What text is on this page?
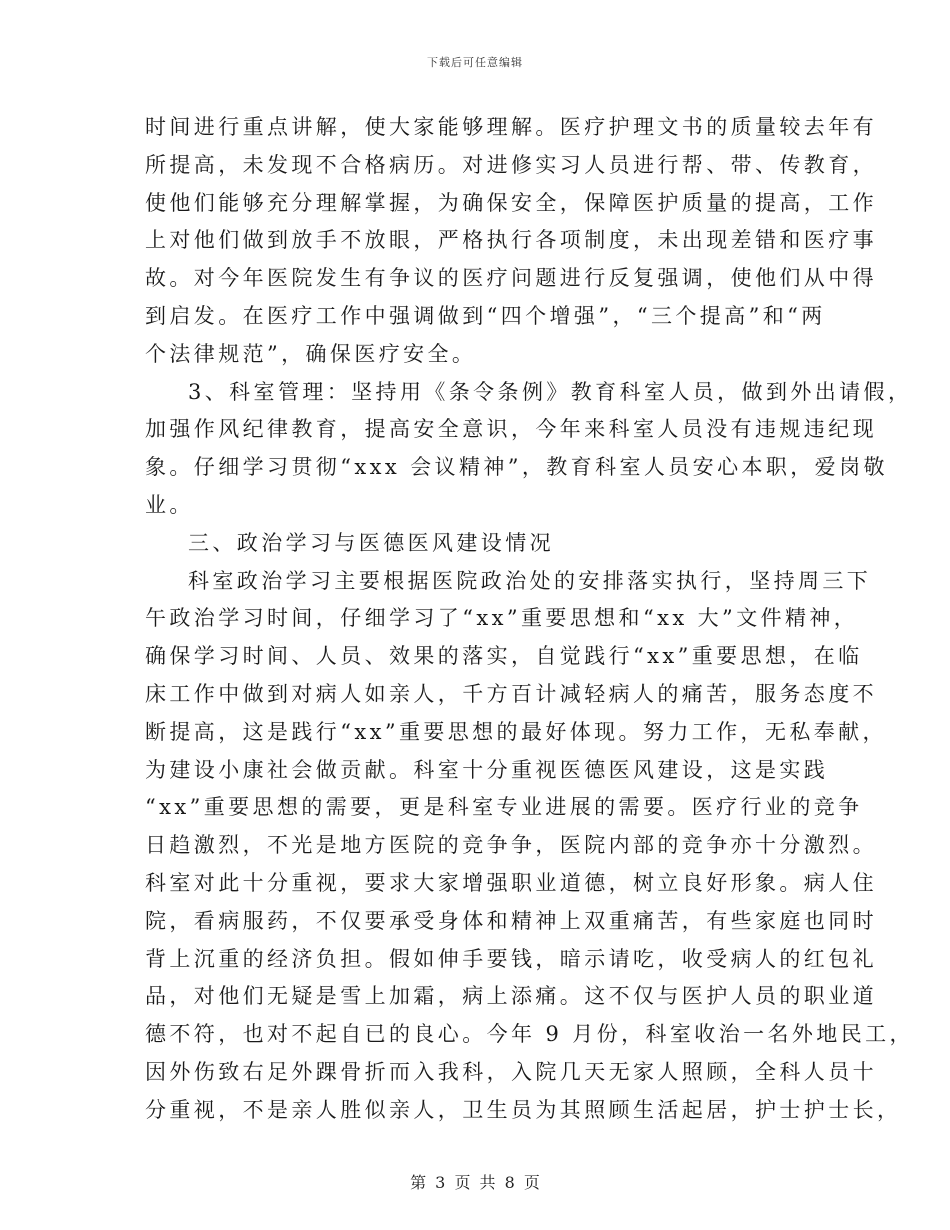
下载后可任意编辑
时间进行重点讲解，使大家能够理解。医疗护理文书的质量较去年有
所提高，未发现不合格病历。对进修实习人员进行帮、带、传教育，
使他们能够充分理解掌握，为确保安全，保障医护质量的提高，工作
上对他们做到放手不放眼，严格执行各项制度，未出现差错和医疗事
故。对今年医院发生有争议的医疗问题进行反复强调，使他们从中得
到启发。在医疗工作中强调做到“四个增强”，“三个提高”和“两
个法律规范”，确保医疗安全。
3、科室管理：坚持用《条令条例》教育科室人员，做到外出请假，
加强作风纪律教育，提高安全意识，今年来科室人员没有违规违纪现
象。仔细学习贯彻“xxx 会议精神”，教育科室人员安心本职，爱岗敬
业。
三、政治学习与医德医风建设情况
科室政治学习主要根据医院政治处的安排落实执行，坚持周三下
午政治学习时间，仔细学习了“xx”重要思想和“xx 大”文件精神，
确保学习时间、人员、效果的落实，自觉践行“xx”重要思想，在临
床工作中做到对病人如亲人，千方百计减轻病人的痛苦，服务态度不
断提高，这是践行“xx”重要思想的最好体现。努力工作，无私奉献，
为建设小康社会做贡献。科室十分重视医德医风建设，这是实践
“xx”重要思想的需要，更是科室专业进展的需要。医疗行业的竞争
日趋激烈，不光是地方医院的竞争争，医院内部的竞争亦十分激烈。
科室对此十分重视，要求大家增强职业道德，树立良好形象。病人住
院，看病服药，不仅要承受身体和精神上双重痛苦，有些家庭也同时
背上沉重的经济负担。假如伸手要钱，暗示请吃，收受病人的红包礼
品，对他们无疑是雪上加霜，病上添痛。这不仅与医护人员的职业道
德不符，也对不起自已的良心。今年 9 月份，科室收治一名外地民工，
因外伤致右足外踝骨折而入我科，入院几天无家人照顾，全科人员十
分重视，不是亲人胜似亲人，卫生员为其照顾生活起居，护士护士长，
第 3 页 共 8 页
